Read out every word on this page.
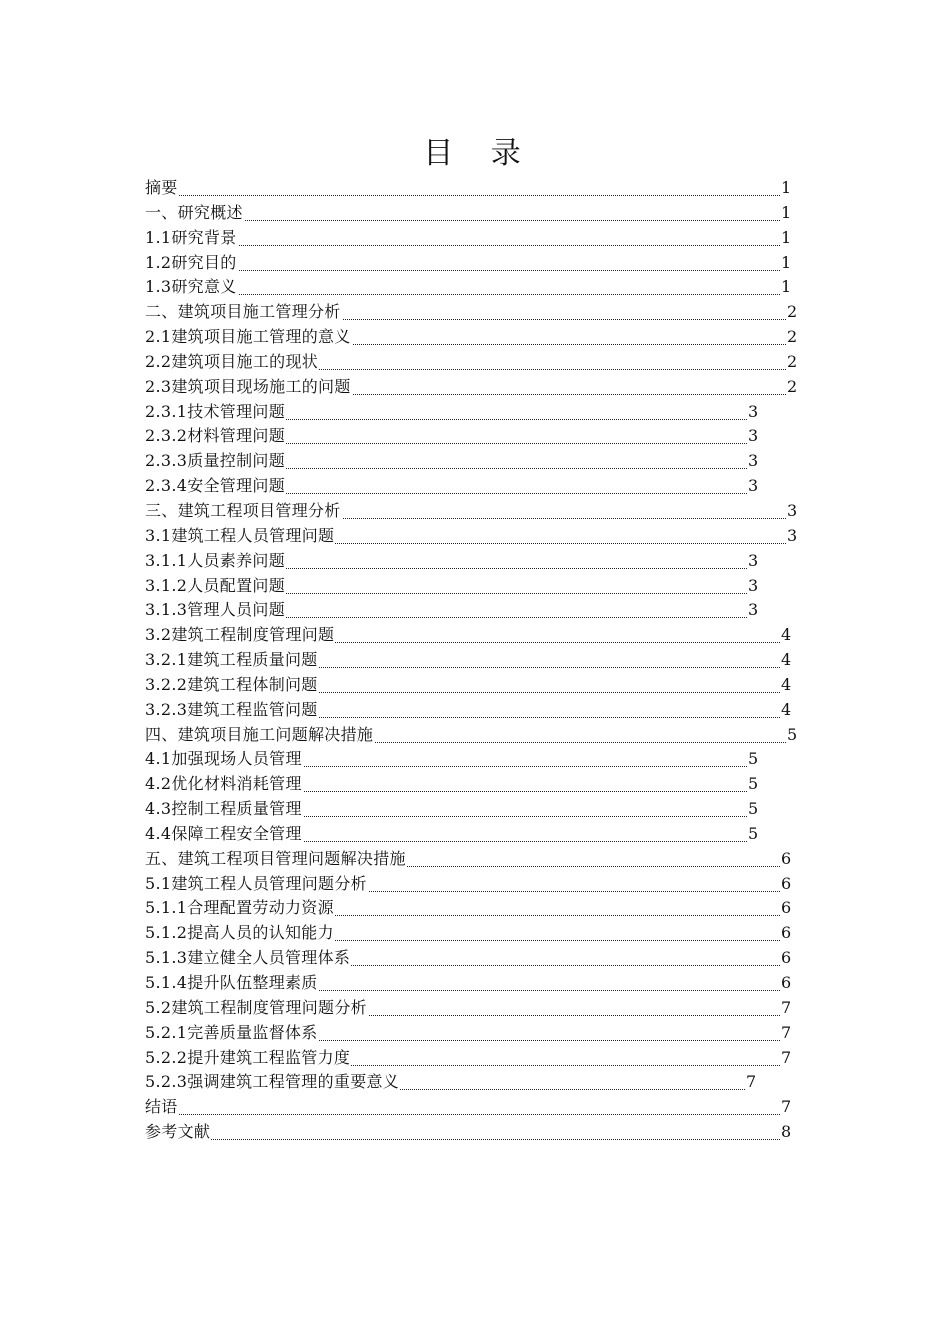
目 录
摘要	1
一、研究概述	1
1.1研究背景	1
1.2研究目的	1
1.3研究意义	1
二、建筑项目施工管理分析	2
2.1建筑项目施工管理的意义	2
2.2建筑项目施工的现状	2
2.3建筑项目现场施工的问题	2
2.3.1技术管理问题	3
2.3.2材料管理问题	3
2.3.3质量控制问题	3
2.3.4安全管理问题	3
三、建筑工程项目管理分析	3
3.1建筑工程人员管理问题	3
3.1.1人员素养问题	3
3.1.2人员配置问题	3
3.1.3管理人员问题	3
3.2建筑工程制度管理问题	4
3.2.1建筑工程质量问题	4
3.2.2建筑工程体制问题	4
3.2.3建筑工程监管问题	4
四、建筑项目施工问题解决措施	5
4.1加强现场人员管理	5
4.2优化材料消耗管理	5
4.3控制工程质量管理	5
4.4保障工程安全管理	5
五、建筑工程项目管理问题解决措施	6
5.1建筑工程人员管理问题分析	6
5.1.1合理配置劳动力资源	6
5.1.2提高人员的认知能力	6
5.1.3建立健全人员管理体系	6
5.1.4提升队伍整理素质	6
5.2建筑工程制度管理问题分析	7
5.2.1完善质量监督体系	7
5.2.2提升建筑工程监管力度	7
5.2.3强调建筑工程管理的重要意义	7
结语	7
参考文献	8
